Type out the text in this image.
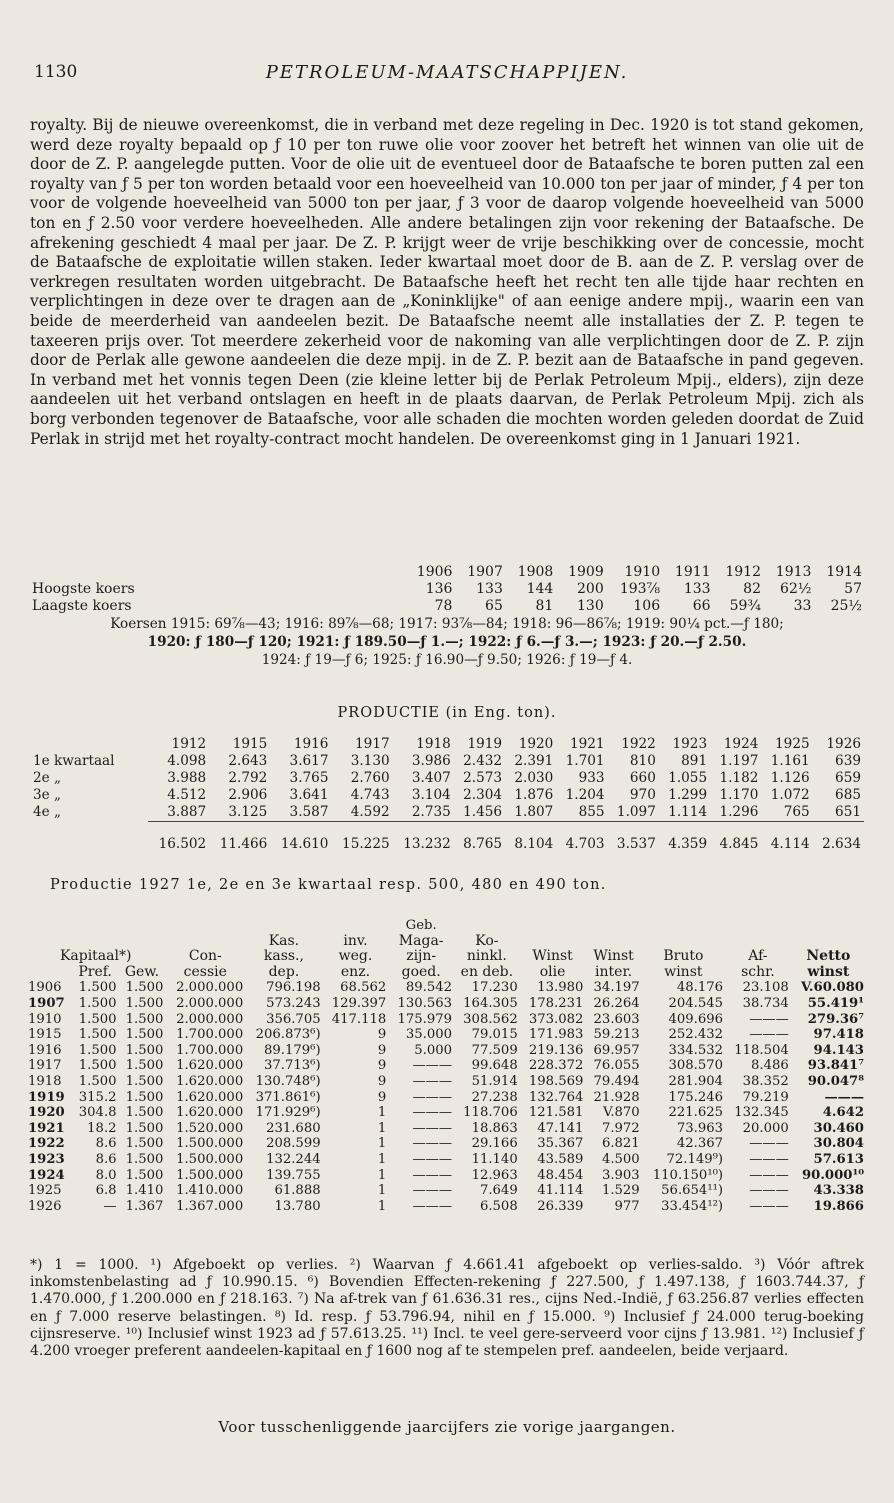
1130	PETROLEUM-MAATSCHAPPIJEN.

royalty. Bij de nieuwe overeenkomst, die in verband met deze regeling in Dec. 1920 is tot stand gekomen, werd deze royalty bepaald op ƒ 10 per ton ruwe olie voor zoover het betreft het winnen van olie uit de door de Z. P. aangelegde putten. Voor de olie uit de eventueel door de Bataafsche te boren putten zal een royalty van ƒ 5 per ton worden betaald voor een hoeveelheid van 10.000 ton per jaar of minder, ƒ 4 per ton voor de volgende hoeveelheid van 5000 ton per jaar, ƒ 3 voor de daarop volgende hoeveelheid van 5000 ton en ƒ 2.50 voor verdere hoeveelheden. Alle andere betalingen zijn voor rekening der Bataafsche. De afrekening geschiedt 4 maal per jaar. De Z. P. krijgt weer de vrije beschikking over de concessie, mocht de Bataafsche de exploitatie willen staken. Ieder kwartaal moet door de B. aan de Z. P. verslag over de verkregen resultaten worden uitgebracht. De Bataafsche heeft het recht ten alle tijde haar rechten en verplichtingen in deze over te dragen aan de „Koninklijke" of aan eenige andere mpij., waarin een van beide de meerderheid van aandeelen bezit. De Bataafsche neemt alle installaties der Z. P. tegen te taxeeren prijs over. Tot meerdere zekerheid voor de nakoming van alle verplichtingen door de Z. P. zijn door de Perlak alle gewone aandeelen die deze mpij. in de Z. P. bezit aan de Bataafsche in pand gegeven. In verband met het vonnis tegen Deen (zie kleine letter bij de Perlak Petroleum Mpij., elders), zijn deze aandeelen uit het verband ontslagen en heeft in de plaats daarvan, de Perlak Petroleum Mpij. zich als borg verbonden tegenover de Bataafsche, voor alle schaden die mochten worden geleden doordat de Zuid Perlak in strijd met het royalty-contract mocht handelen. De overeenkomst ging in 1 Januari 1921.

	1906	1907	1908	1909	1910	1911	1912	1913	1914
Hoogste koers	136	133	144	200	193⅞	133	82	62½	57
Laagste koers	78	65	81	130	106	66	59¾	33	25½

Koersen 1915: 69⅞—43; 1916: 89⅞—68; 1917: 93⅞—84; 1918: 96—86⅞; 1919: 90¼ pct.—ƒ 180;

1920: ƒ 180—ƒ 120; 1921: ƒ 189.50—ƒ 1.—; 1922: ƒ 6.—ƒ 3.—; 1923: ƒ 20.—ƒ 2.50.

1924: ƒ 19—ƒ 6; 1925: ƒ 16.90—ƒ 9.50; 1926: ƒ 19—ƒ 4.

PRODUCTIE (in Eng. ton).
	1912	1915	1916	1917	1918	1919	1920	1921	1922	1923	1924	1925	1926
1e kwartaal	4.098	2.643	3.617	3.130	3.986	2.432	2.391	1.701	810	891	1.197	1.161	639
2e „	3.988	2.792	3.765	2.760	3.407	2.573	2.030	933	660	1.055	1.182	1.126	659
3e „	4.512	2.906	3.641	4.743	3.104	2.304	1.876	1.204	970	1.299	1.170	1.072	685
4e „	3.887	3.125	3.587	4.592	2.735	1.456	1.807	855	1.097	1.114	1.296	765	651
	16.502	11.466	14.610	15.225	13.232	8.765	8.104	4.703	3.537	4.359	4.845	4.114	2.634
Productie 1927 1e, 2e en 3e kwartaal resp. 500, 480 en 490 ton.
						Geb.						
				Kas.	inv.	Maga-	Ko-					
Kapitaal*)			Con-	kass.,	weg.	zijn-	ninkl.	Winst	Winst	Bruto	Af-	Netto
	Pref.	Gew.	cessie	dep.	enz.	goed.	en deb.	olie	inter.	winst	schr.	winst
1906	1.500	1.500	2.000.000	796.198	68.562	89.542	17.230	13.980	34.197	48.176	23.108	V.60.080
1907	1.500	1.500	2.000.000	573.243	129.397	130.563	164.305	178.231	26.264	204.545	38.734	55.419¹
1910	1.500	1.500	2.000.000	356.705	417.118	175.979	308.562	373.082	23.603	409.696	———	279.36⁷
1915	1.500	1.500	1.700.000	206.873⁶)	9	35.000	79.015	171.983	59.213	252.432	———	97.418
1916	1.500	1.500	1.700.000	89.179⁶)	9	5.000	77.509	219.136	69.957	334.532	118.504	94.143
1917	1.500	1.500	1.620.000	37.713⁶)	9	———	99.648	228.372	76.055	308.570	8.486	93.841⁷
1918	1.500	1.500	1.620.000	130.748⁶)	9	———	51.914	198.569	79.494	281.904	38.352	90.047⁸
1919	315.2	1.500	1.620.000	371.861⁶)	9	———	27.238	132.764	21.928	175.246	79.219	———
1920	304.8	1.500	1.620.000	171.929⁶)	1	———	118.706	121.581	V.870	221.625	132.345	4.642
1921	18.2	1.500	1.520.000	231.680	1	———	18.863	47.141	7.972	73.963	20.000	30.460
1922	8.6	1.500	1.500.000	208.599	1	———	29.166	35.367	6.821	42.367	———	30.804
1923	8.6	1.500	1.500.000	132.244	1	———	11.140	43.589	4.500	72.149⁹)	———	57.613
1924	8.0	1.500	1.500.000	139.755	1	———	12.963	48.454	3.903	110.150¹⁰)	———	90.000¹⁰
1925	6.8	1.410	1.410.000	61.888	1	———	7.649	41.114	1.529	56.654¹¹)	———	43.338
1926	—	1.367	1.367.000	13.780	1	———	6.508	26.339	977	33.454¹²)	———	19.866

*) 1 = 1000. ¹) Afgeboekt op verlies. ²) Waarvan ƒ 4.661.41 afgeboekt op verlies-saldo. ³) Vóór aftrek inkomstenbelasting ad ƒ 10.990.15. ⁶) Bovendien Effecten-rekening ƒ 227.500, ƒ 1.497.138, ƒ 1603.744.37, ƒ 1.470.000, ƒ 1.200.000 en ƒ 218.163. ⁷) Na af-trek van ƒ 61.636.31 res., cijns Ned.-Indië, ƒ 63.256.87 verlies effecten en ƒ 7.000 reserve belastingen. ⁸) Id. resp. ƒ 53.796.94, nihil en ƒ 15.000. ⁹) Inclusief ƒ 24.000 terug-boeking cijnsreserve. ¹⁰) Inclusief winst 1923 ad ƒ 57.613.25. ¹¹) Incl. te veel gere-serveerd voor cijns ƒ 13.981. ¹²) Inclusief ƒ 4.200 vroeger preferent aandeelen-kapitaal en ƒ 1600 nog af te stempelen pref. aandeelen, beide verjaard.

Voor tusschenliggende jaarcijfers zie vorige jaargangen.
